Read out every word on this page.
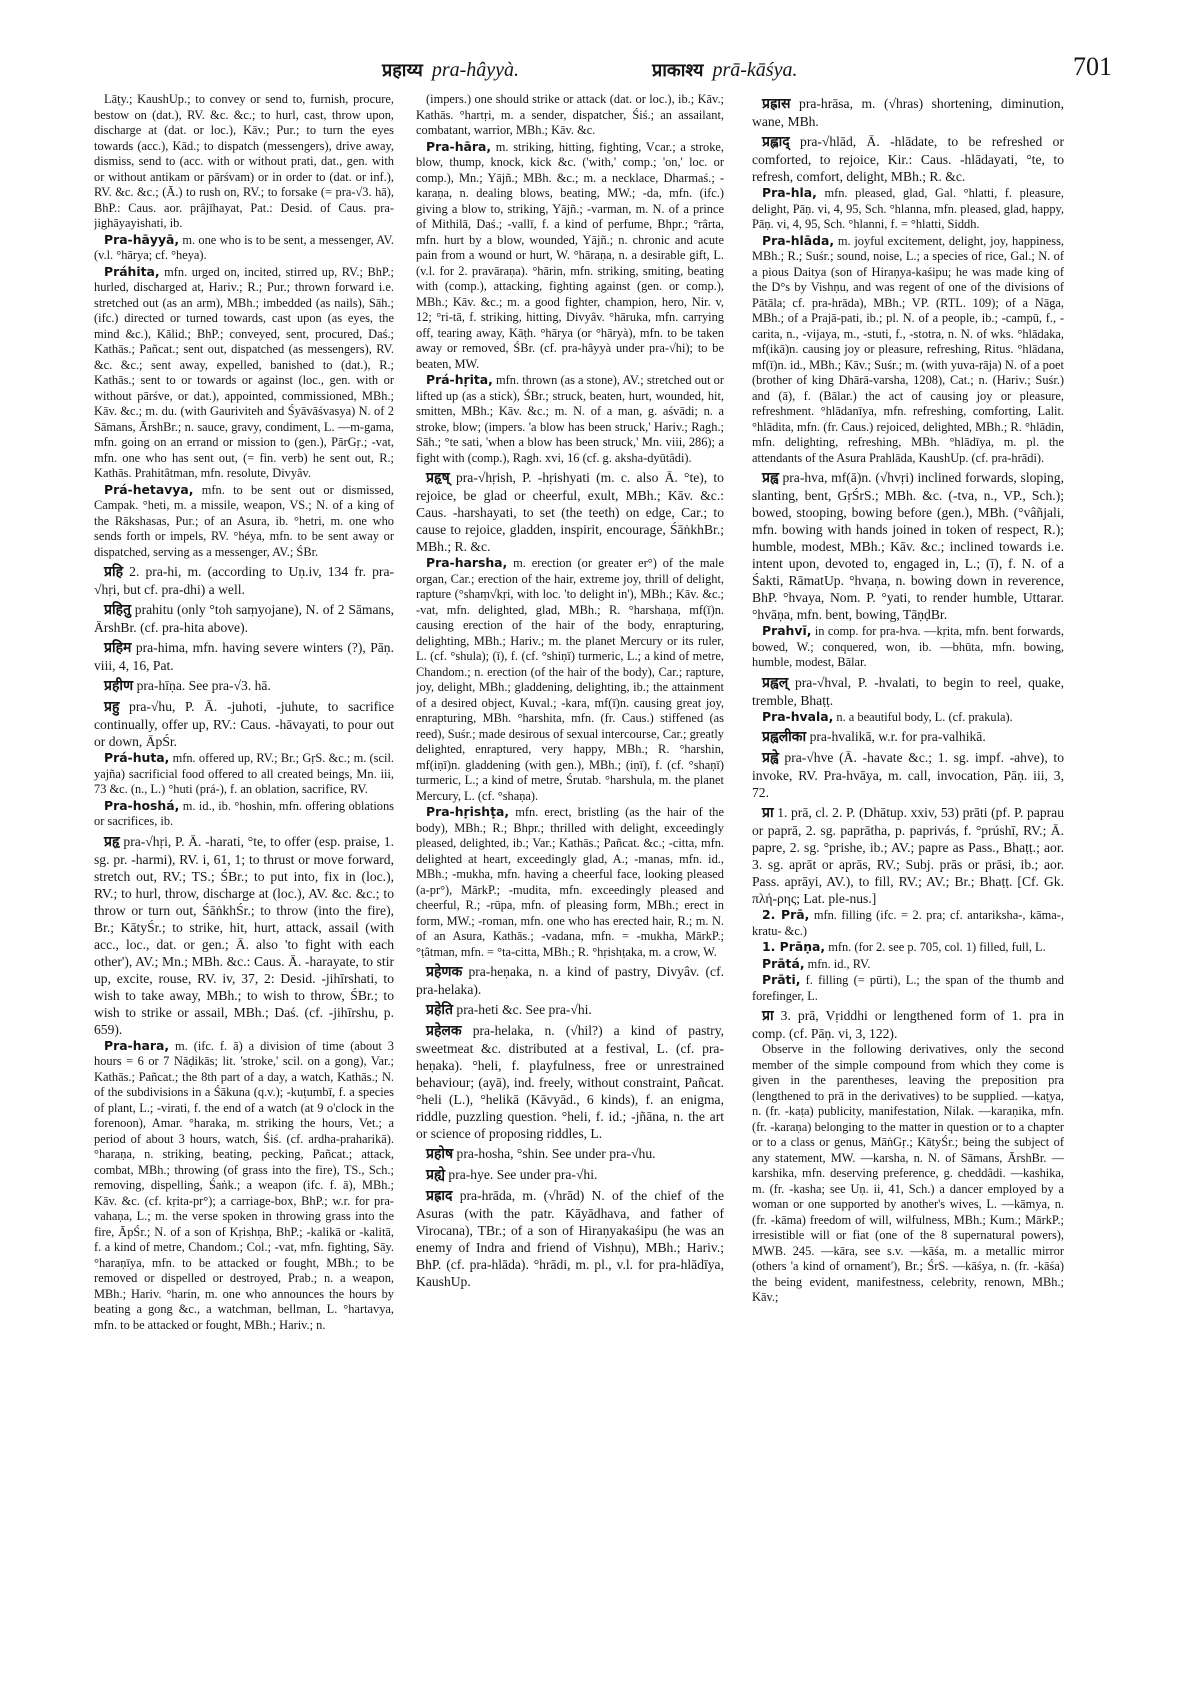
प्रहाय्य pra-hâyyà.	प्राकाश्य prā-kāśya.	701

Lāṭy.; KaushUp.; to convey or send to, furnish, procure, bestow on (dat.), RV. &c. &c.; to hurl, cast, throw upon, discharge at (dat. or loc.), Kāv.; Pur.; to turn the eyes towards (acc.), Kād.; to dispatch (messengers), drive away, dismiss, send to (acc. with or without prati, dat., gen. with or without antikam or pārśvam) or in order to (dat. or inf.), RV. &c. &c.; (Ā.) to rush on, RV.; to forsake (= pra-√3. hā), BhP.: Caus. aor. prâjīhayat, Pat.: Desid. of Caus. pra-jighāyayishati, ib.

Pra-hāyyā, m. one who is to be sent, a messenger, AV. (v.l. °hārya; cf. °heya).

Práhita, mfn. urged on, incited, stirred up, RV.; BhP.; hurled, discharged at, Hariv.; R.; Pur.; thrown forward i.e. stretched out (as an arm), MBh.; imbedded (as nails), Sāh.; (ifc.) directed or turned towards, cast upon (as eyes, the mind &c.), Kālid.; BhP.; conveyed, sent, procured, Daś.; Kathās.; Pañcat.; sent out, dispatched (as messengers), RV. &c. &c.; sent away, expelled, banished to (dat.), R.; Kathās.; sent to or towards or against (loc., gen. with or without pārśve, or dat.), appointed, commissioned, MBh.; Kāv. &c.; m. du. (with Gauriviteh and Śyāvāśvasya) N. of 2 Sāmans, ĀrshBr.; n. sauce, gravy, condiment, L. —m-gama, mfn. going on an errand or mission to (gen.), PārGṛ.; -vat, mfn. one who has sent out, (= fin. verb) he sent out, R.; Kathās. Prahitâtman, mfn. resolute, Divyâv.

Prá-hetavya, mfn. to be sent out or dismissed, Campak. °heti, m. a missile, weapon, VS.; N. of a king of the Rākshasas, Pur.; of an Asura, ib. °hetri, m. one who sends forth or impels, RV. °héya, mfn. to be sent away or dispatched, serving as a messenger, AV.; ŚBr.

प्रहि 2. pra-hi, m. (according to Uṇ.iv, 134 fr. pra-√hṛi, but cf. pra-dhi) a well.

प्रहितु prahitu (only °toh saṃyojane), N. of 2 Sāmans, ĀrshBr. (cf. pra-hita above).

प्रहिम pra-hima, mfn. having severe winters (?), Pāṇ. viii, 4, 16, Pat.

प्रहीण pra-hīṇa. See pra-√3. hā.

प्रहु pra-√hu, P. Ā. -juhoti, -juhute, to sacrifice continually, offer up, RV.: Caus. -hāvayati, to pour out or down, ĀpŚr.

Prá-huta, mfn. offered up, RV.; Br.; GṛS. &c.; m. (scil. yajña) sacrificial food offered to all created beings, Mn. iii, 73 &c. (n., L.) °huti (prá-), f. an oblation, sacrifice, RV.

Pra-hoshá, m. id., ib. °hoshin, mfn. offering oblations or sacrifices, ib.

प्रहृ pra-√hṛi, P. Ā. -harati, °te, to offer (esp. praise, 1. sg. pr. -harmi), RV. i, 61, 1; to thrust or move forward, stretch out, RV.; TS.; ŚBr.; to put into, fix in (loc.), RV.; to hurl, throw, discharge at (loc.), AV. &c. &c.; to throw or turn out, ŚāṅkhŚr.; to throw (into the fire), Br.; KātyŚr.; to strike, hit, hurt, attack, assail (with acc., loc., dat. or gen.; Ā. also 'to fight with each other'), AV.; Mn.; MBh. &c.: Caus. Ā. -harayate, to stir up, excite, rouse, RV. iv, 37, 2: Desid. -jihīrshati, to wish to take away, MBh.; to wish to throw, ŚBr.; to wish to strike or assail, MBh.; Daś. (cf. -jihīrshu, p. 659).

Pra-hara, m. (ifc. f. ā) a division of time (about 3 hours = 6 or 7 Nāḍikās; lit. 'stroke,' scil. on a gong), Var.; Kathās.; Pañcat.; the 8th part of a day, a watch, Kathās.; N. of the subdivisions in a Śākuna (q.v.); -kuṭumbī, f. a species of plant, L.; -virati, f. the end of a watch (at 9 o'clock in the forenoon), Amar. °haraka, m. striking the hours, Vet.; a period of about 3 hours, watch, Śiś. (cf. ardha-praharikā). °haraṇa, n. striking, beating, pecking, Pañcat.; attack, combat, MBh.; throwing (of grass into the fire), TS., Sch.; removing, dispelling, Śaṅk.; a weapon (ifc. f. ā), MBh.; Kāv. &c. (cf. kṛita-pr°); a carriage-box, BhP.; w.r. for pra-vahaṇa, L.; m. the verse spoken in throwing grass into the fire, ĀpŚr.; N. of a son of Kṛishṇa, BhP.; -kalikā or -kalitā, f. a kind of metre, Chandom.; Col.; -vat, mfn. fighting, Sāy. °haraṇīya, mfn. to be attacked or fought, MBh.; to be removed or dispelled or destroyed, Prab.; n. a weapon, MBh.; Hariv. °harin, m. one who announces the hours by beating a gong &c., a watchman, bellman, L. °hartavya, mfn. to be attacked or fought, MBh.; Hariv.; n.

(impers.) one should strike or attack (dat. or loc.), ib.; Kāv.; Kathās. °hartṛi, m. a sender, dispatcher, Śiś.; an assailant, combatant, warrior, MBh.; Kāv. &c.

Pra-hāra, m. striking, hitting, fighting, Vcar.; a stroke, blow, thump, knock, kick &c. ('with,' comp.; 'on,' loc. or comp.), Mn.; Yājñ.; MBh. &c.; m. a necklace, Dharmaś.; -karaṇa, n. dealing blows, beating, MW.; -da, mfn. (ifc.) giving a blow to, striking, Yājñ.; -varman, m. N. of a prince of Mithilā, Daś.; -vallī, f. a kind of perfume, Bhpr.; °rârta, mfn. hurt by a blow, wounded, Yājñ.; n. chronic and acute pain from a wound or hurt, W. °hāraṇa, n. a desirable gift, L. (v.l. for 2. pravāraṇa). °hārin, mfn. striking, smiting, beating with (comp.), attacking, fighting against (gen. or comp.), MBh.; Kāv. &c.; m. a good fighter, champion, hero, Nir. v, 12; °ri-tā, f. striking, hitting, Divyâv. °hāruka, mfn. carrying off, tearing away, Kāṭh. °hārya (or °hāryà), mfn. to be taken away or removed, ŚBr. (cf. pra-hâyyà under pra-√hi); to be beaten, MW.

Prá-hṛita, mfn. thrown (as a stone), AV.; stretched out or lifted up (as a stick), ŚBr.; struck, beaten, hurt, wounded, hit, smitten, MBh.; Kāv. &c.; m. N. of a man, g. aśvādi; n. a stroke, blow; (impers. 'a blow has been struck,' Hariv.; Ragh.; Sāh.; °te sati, 'when a blow has been struck,' Mn. viii, 286); a fight with (comp.), Ragh. xvi, 16 (cf. g. aksha-dyūtâdi).

प्रहृष् pra-√hṛish, P. -hṛishyati (m. c. also Ā. °te), to rejoice, be glad or cheerful, exult, MBh.; Kāv. &c.: Caus. -harshayati, to set (the teeth) on edge, Car.; to cause to rejoice, gladden, inspirit, encourage, ŚāṅkhBr.; MBh.; R. &c.

Pra-harsha, m. erection (or greater er°) of the male organ, Car.; erection of the hair, extreme joy, thrill of delight, rapture (°shaṃ√kṛi, with loc. 'to delight in'), MBh.; Kāv. &c.; -vat, mfn. delighted, glad, MBh.; R. °harshaṇa, mf(ī)n. causing erection of the hair of the body, enrapturing, delighting, MBh.; Hariv.; m. the planet Mercury or its ruler, L. (cf. °shula); (ī), f. (cf. °shiṇī) turmeric, L.; a kind of metre, Chandom.; n. erection (of the hair of the body), Car.; rapture, joy, delight, MBh.; gladdening, delighting, ib.; the attainment of a desired object, Kuval.; -kara, mf(ī)n. causing great joy, enrapturing, MBh. °harshita, mfn. (fr. Caus.) stiffened (as reed), Suśr.; made desirous of sexual intercourse, Car.; greatly delighted, enraptured, very happy, MBh.; R. °harshin, mf(iṇī)n. gladdening (with gen.), MBh.; (iṇī), f. (cf. °shaṇī) turmeric, L.; a kind of metre, Śrutab. °harshula, m. the planet Mercury, L. (cf. °shaṇa).

Pra-hṛishṭa, mfn. erect, bristling (as the hair of the body), MBh.; R.; Bhpr.; thrilled with delight, exceedingly pleased, delighted, ib.; Var.; Kathās.; Pañcat. &c.; -citta, mfn. delighted at heart, exceedingly glad, A.; -manas, mfn. id., MBh.; -mukha, mfn. having a cheerful face, looking pleased (a-pr°), MārkP.; -mudita, mfn. exceedingly pleased and cheerful, R.; -rūpa, mfn. of pleasing form, MBh.; erect in form, MW.; -roman, mfn. one who has erected hair, R.; m. N. of an Asura, Kathās.; -vadana, mfn. = -mukha, MārkP.; °ṭâtman, mfn. = °ta-citta, MBh.; R. °hṛishṭaka, m. a crow, W.

प्रहेणक pra-heṇaka, n. a kind of pastry, Divyâv. (cf. pra-helaka).

प्रहेति pra-heti &c. See pra-√hi.

प्रहेलक pra-helaka, n. (√hil?) a kind of pastry, sweetmeat &c. distributed at a festival, L. (cf. pra-heṇaka). °heli, f. playfulness, free or unrestrained behaviour; (ayā), ind. freely, without constraint, Pañcat. °heli (L.), °helikā (Kāvyād., 6 kinds), f. an enigma, riddle, puzzling question. °heli, f. id.; -jñāna, n. the art or science of proposing riddles, L.

प्रहोष pra-hosha, °shin. See under pra-√hu.

प्रह्ये pra-hye. See under pra-√hi.

प्रह्राद pra-hrāda, m. (√hrād) N. of the chief of the Asuras (with the patr. Kāyādhava, and father of Virocana), TBr.; of a son of Hiraṇyakaśipu (he was an enemy of Indra and friend of Vishṇu), MBh.; Hariv.; BhP. (cf. pra-hlāda). °hrādi, m. pl., v.l. for pra-hlādīya, KaushUp.

प्रह्रास pra-hrāsa, m. (√hras) shortening, diminution, wane, MBh.

प्रह्लाद् pra-√hlād, Ā. -hlādate, to be refreshed or comforted, to rejoice, Kir.: Caus. -hlādayati, °te, to refresh, comfort, delight, MBh.; R. &c.

Pra-hla, mfn. pleased, glad, Gal. °hlatti, f. pleasure, delight, Pāṇ. vi, 4, 95, Sch. °hlanna, mfn. pleased, glad, happy, Pāṇ. vi, 4, 95, Sch. °hlanni, f. = °hlatti, Siddh.

Pra-hlāda, m. joyful excitement, delight, joy, happiness, MBh.; R.; Suśr.; sound, noise, L.; a species of rice, Gal.; N. of a pious Daitya (son of Hiraṇya-kaśipu; he was made king of the D°s by Vishṇu, and was regent of one of the divisions of Pātāla; cf. pra-hrāda), MBh.; VP. (RTL. 109); of a Nāga, MBh.; of a Prajā-pati, ib.; pl. N. of a people, ib.; -campū, f., -carita, n., -vijaya, m., -stuti, f., -stotra, n. N. of wks. °hlādaka, mf(ikā)n. causing joy or pleasure, refreshing, Ritus. °hlādana, mf(ī)n. id., MBh.; Kāv.; Suśr.; m. (with yuva-rāja) N. of a poet (brother of king Dhārā-varsha, 1208), Cat.; n. (Hariv.; Suśr.) and (ā), f. (Bālar.) the act of causing joy or pleasure, refreshment. °hlādanīya, mfn. refreshing, comforting, Lalit. °hlādita, mfn. (fr. Caus.) rejoiced, delighted, MBh.; R. °hlādin, mfn. delighting, refreshing, MBh. °hlādīya, m. pl. the attendants of the Asura Prahlāda, KaushUp. (cf. pra-hrādi).

प्रह्व pra-hva, mf(ā)n. (√hvṛi) inclined forwards, sloping, slanting, bent, GṛŚrS.; MBh. &c. (-tva, n., VP., Sch.); bowed, stooping, bowing before (gen.), MBh. (°vâñjali, mfn. bowing with hands joined in token of respect, R.); humble, modest, MBh.; Kāv. &c.; inclined towards i.e. intent upon, devoted to, engaged in, L.; (ī), f. N. of a Śakti, RāmatUp. °hvaṇa, n. bowing down in reverence, BhP. °hvaya, Nom. P. °yati, to render humble, Uttarar. °hvāṇa, mfn. bent, bowing, TāṇḍBr.

Prahvī, in comp. for pra-hva. —kṛita, mfn. bent forwards, bowed, W.; conquered, won, ib. —bhūta, mfn. bowing, humble, modest, Bālar.

प्रह्वल् pra-√hval, P. -hvalati, to begin to reel, quake, tremble, Bhaṭṭ.

Pra-hvala, n. a beautiful body, L. (cf. prakula).

प्रह्वलीका pra-hvalikā, w.r. for pra-valhikā.

प्रह्वे pra-√hve (Ā. -havate &c.; 1. sg. impf. -ahve), to invoke, RV. Pra-hvāya, m. call, invocation, Pāṇ. iii, 3, 72.

प्रा 1. prā, cl. 2. P. (Dhātup. xxiv, 53) prāti (pf. P. paprau or paprā, 2. sg. paprātha, p. paprivás, f. °prúshī, RV.; Ā. papre, 2. sg. °prishe, ib.; AV.; papre as Pass., Bhaṭṭ.; aor. 3. sg. aprāt or aprās, RV.; Subj. prās or prāsi, ib.; aor. Pass. aprāyi, AV.), to fill, RV.; AV.; Br.; Bhaṭṭ. [Cf. Gk. πλή-ρης; Lat. ple-nus.]

2. Prā, mfn. filling (ifc. = 2. pra; cf. antariksha-, kāma-, kratu- &c.)

1. Prāṇa, mfn. (for 2. see p. 705, col. 1) filled, full, L.

Prātá, mfn. id., RV.

Prāti, f. filling (= pūrti), L.; the span of the thumb and forefinger, L.

प्रा 3. prā, Vṛiddhi or lengthened form of 1. pra in comp. (cf. Pāṇ. vi, 3, 122).

Observe in the following derivatives, only the second member of the simple compound from which they come is given in the parentheses, leaving the preposition pra (lengthened to prā in the derivatives) to be supplied. —kaṭya, n. (fr. -kaṭa) publicity, manifestation, Nilak. —karaṇika, mfn. (fr. -karaṇa) belonging to the matter in question or to a chapter or to a class or genus, MāṅGṛ.; KātyŚr.; being the subject of any statement, MW. —karsha, n. N. of Sāmans, ĀrshBr. —karshika, mfn. deserving preference, g. cheddâdi. —kashika, m. (fr. -kasha; see Uṇ. ii, 41, Sch.) a dancer employed by a woman or one supported by another's wives, L. —kāmya, n. (fr. -kāma) freedom of will, wilfulness, MBh.; Kum.; MārkP.; irresistible will or fiat (one of the 8 supernatural powers), MWB. 245. —kāra, see s.v. —kāśa, m. a metallic mirror (others 'a kind of ornament'), Br.; ŚrS. —kāśya, n. (fr. -kāśa) the being evident, manifestness, celebrity, renown, MBh.; Kāv.;
